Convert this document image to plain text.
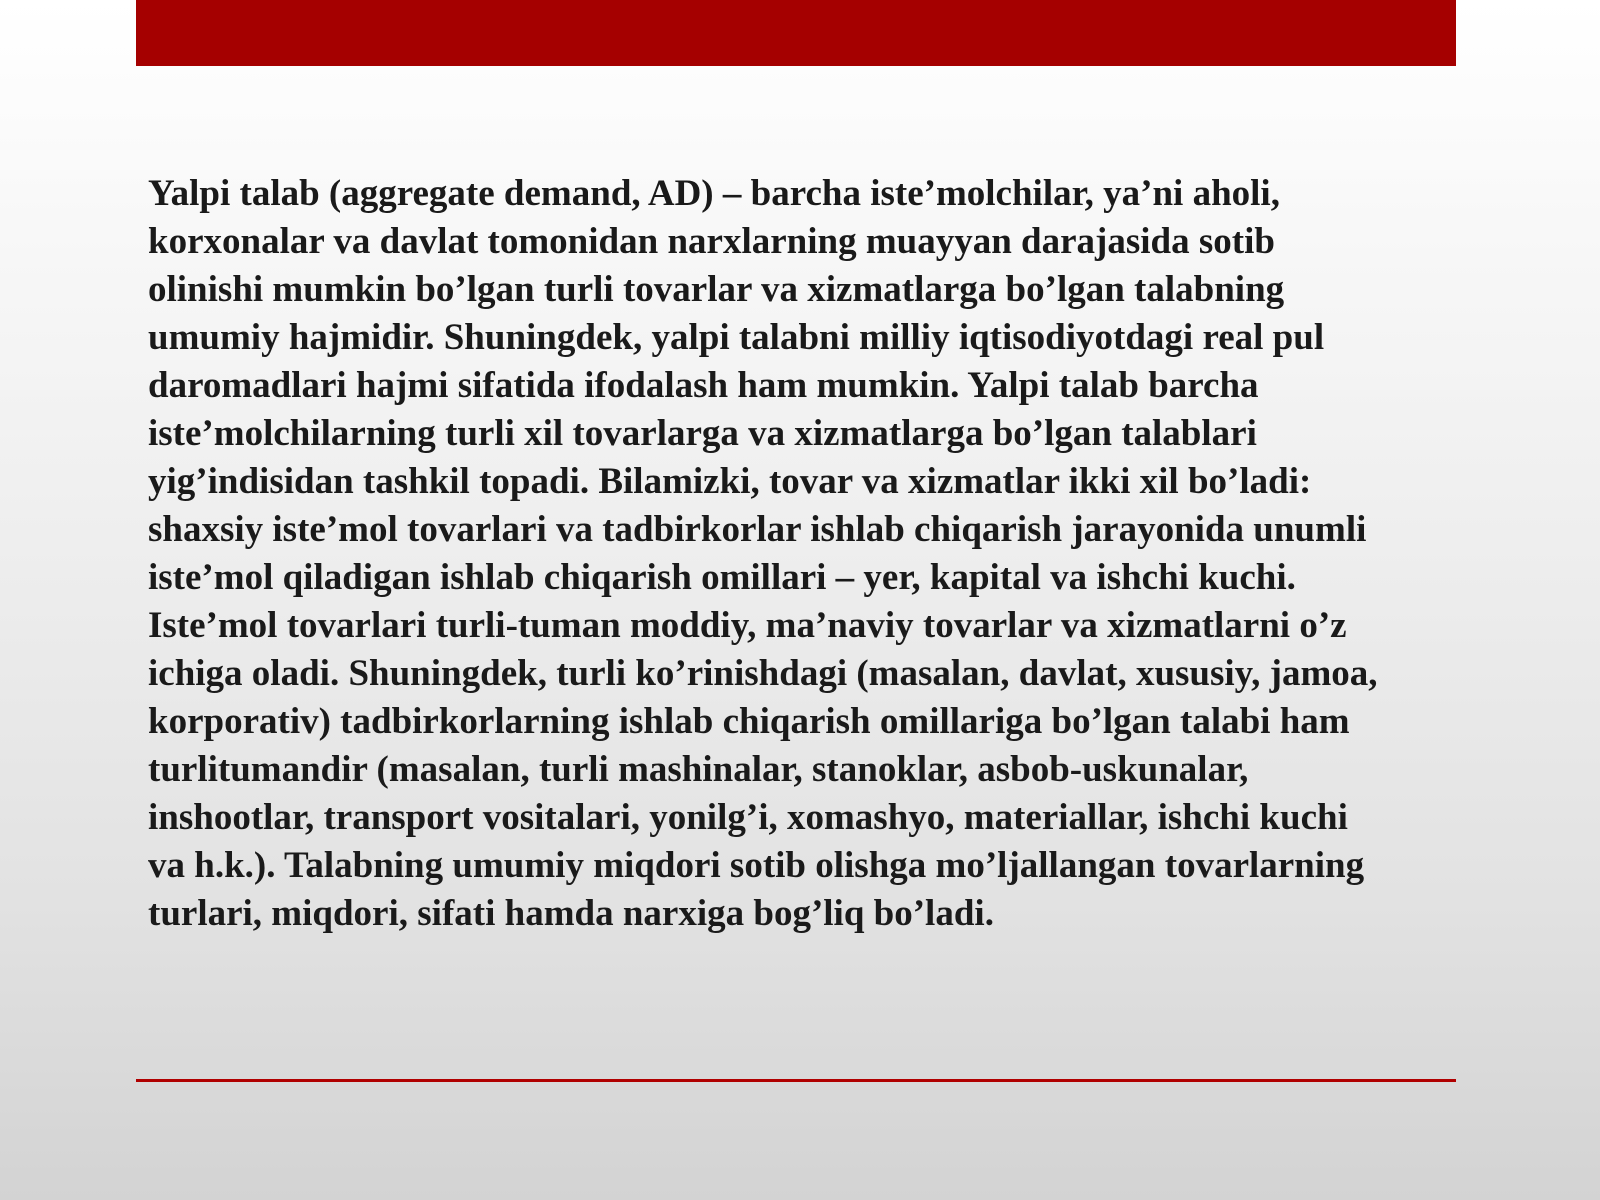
Yalpi talab (aggregate demand, AD) – barcha iste’molchilar, ya’ni aholi,
korxonalar va davlat tomonidan narxlarning muayyan darajasida sotib
olinishi mumkin bo’lgan turli tovarlar va xizmatlarga bo’lgan talabning
umumiy hajmidir. Shuningdek, yalpi talabni milliy iqtisodiyotdagi real pul
daromadlari hajmi sifatida ifodalash ham mumkin. Yalpi talab barcha
iste’molchilarning turli xil tovarlarga va xizmatlarga bo’lgan talablari
yig’indisidan tashkil topadi. Bilamizki, tovar va xizmatlar ikki xil bo’ladi:
shaxsiy iste’mol tovarlari va tadbirkorlar ishlab chiqarish jarayonida unumli
iste’mol qiladigan ishlab chiqarish omillari – yer, kapital va ishchi kuchi.
Iste’mol tovarlari turli-tuman moddiy, ma’naviy tovarlar va xizmatlarni o’z
ichiga oladi. Shuningdek, turli ko’rinishdagi (masalan, davlat, xususiy, jamoa,
korporativ) tadbirkorlarning ishlab chiqarish omillariga bo’lgan talabi ham
turlitumandir (masalan, turli mashinalar, stanoklar, asbob-uskunalar,
inshootlar, transport vositalari, yonilg’i, xomashyo, materiallar, ishchi kuchi
va h.k.). Talabning umumiy miqdori sotib olishga mo’ljallangan tovarlarning
turlari, miqdori, sifati hamda narxiga bog’liq bo’ladi.
